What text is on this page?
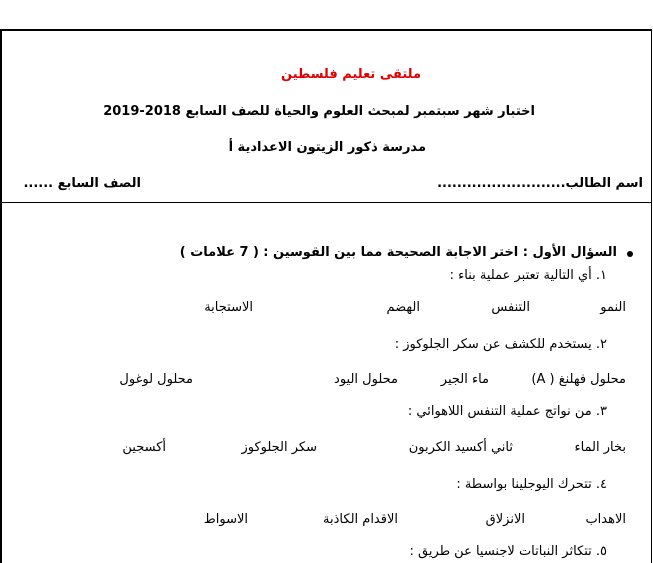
ملتقى تعليم فلسطين
اختبار شهر سبتمبر لمبحث العلوم والحياة للصف السابع 2018-2019
مدرسة ذكور الزيتون الاعدادية أ
اسم الطالب..........................
الصف السابع ......
السؤال الأول : اختر الاجابة الصحيحة مما بين القوسين :
( 7 علامات )
١. أي التالية تعتبر عملية بناء :
النمو
التنفس
الهضم
الاستجابة
٢. يستخدم للكشف عن سكر الجلوكوز :
محلول فهلنغ ( A)
ماء الجير
محلول اليود
محلول لوغول
٣. من نواتج عملية التنفس اللاهوائي :
بخار الماء
ثاني أكسيد الكربون
سكر الجلوكوز
أكسجين
٤. تتحرك اليوجلينا بواسطة :
الاهداب
الانزلاق
الاقدام الكاذبة
الاسواط
٥. تتكاثر النباتات لاجنسيا عن طريق :
